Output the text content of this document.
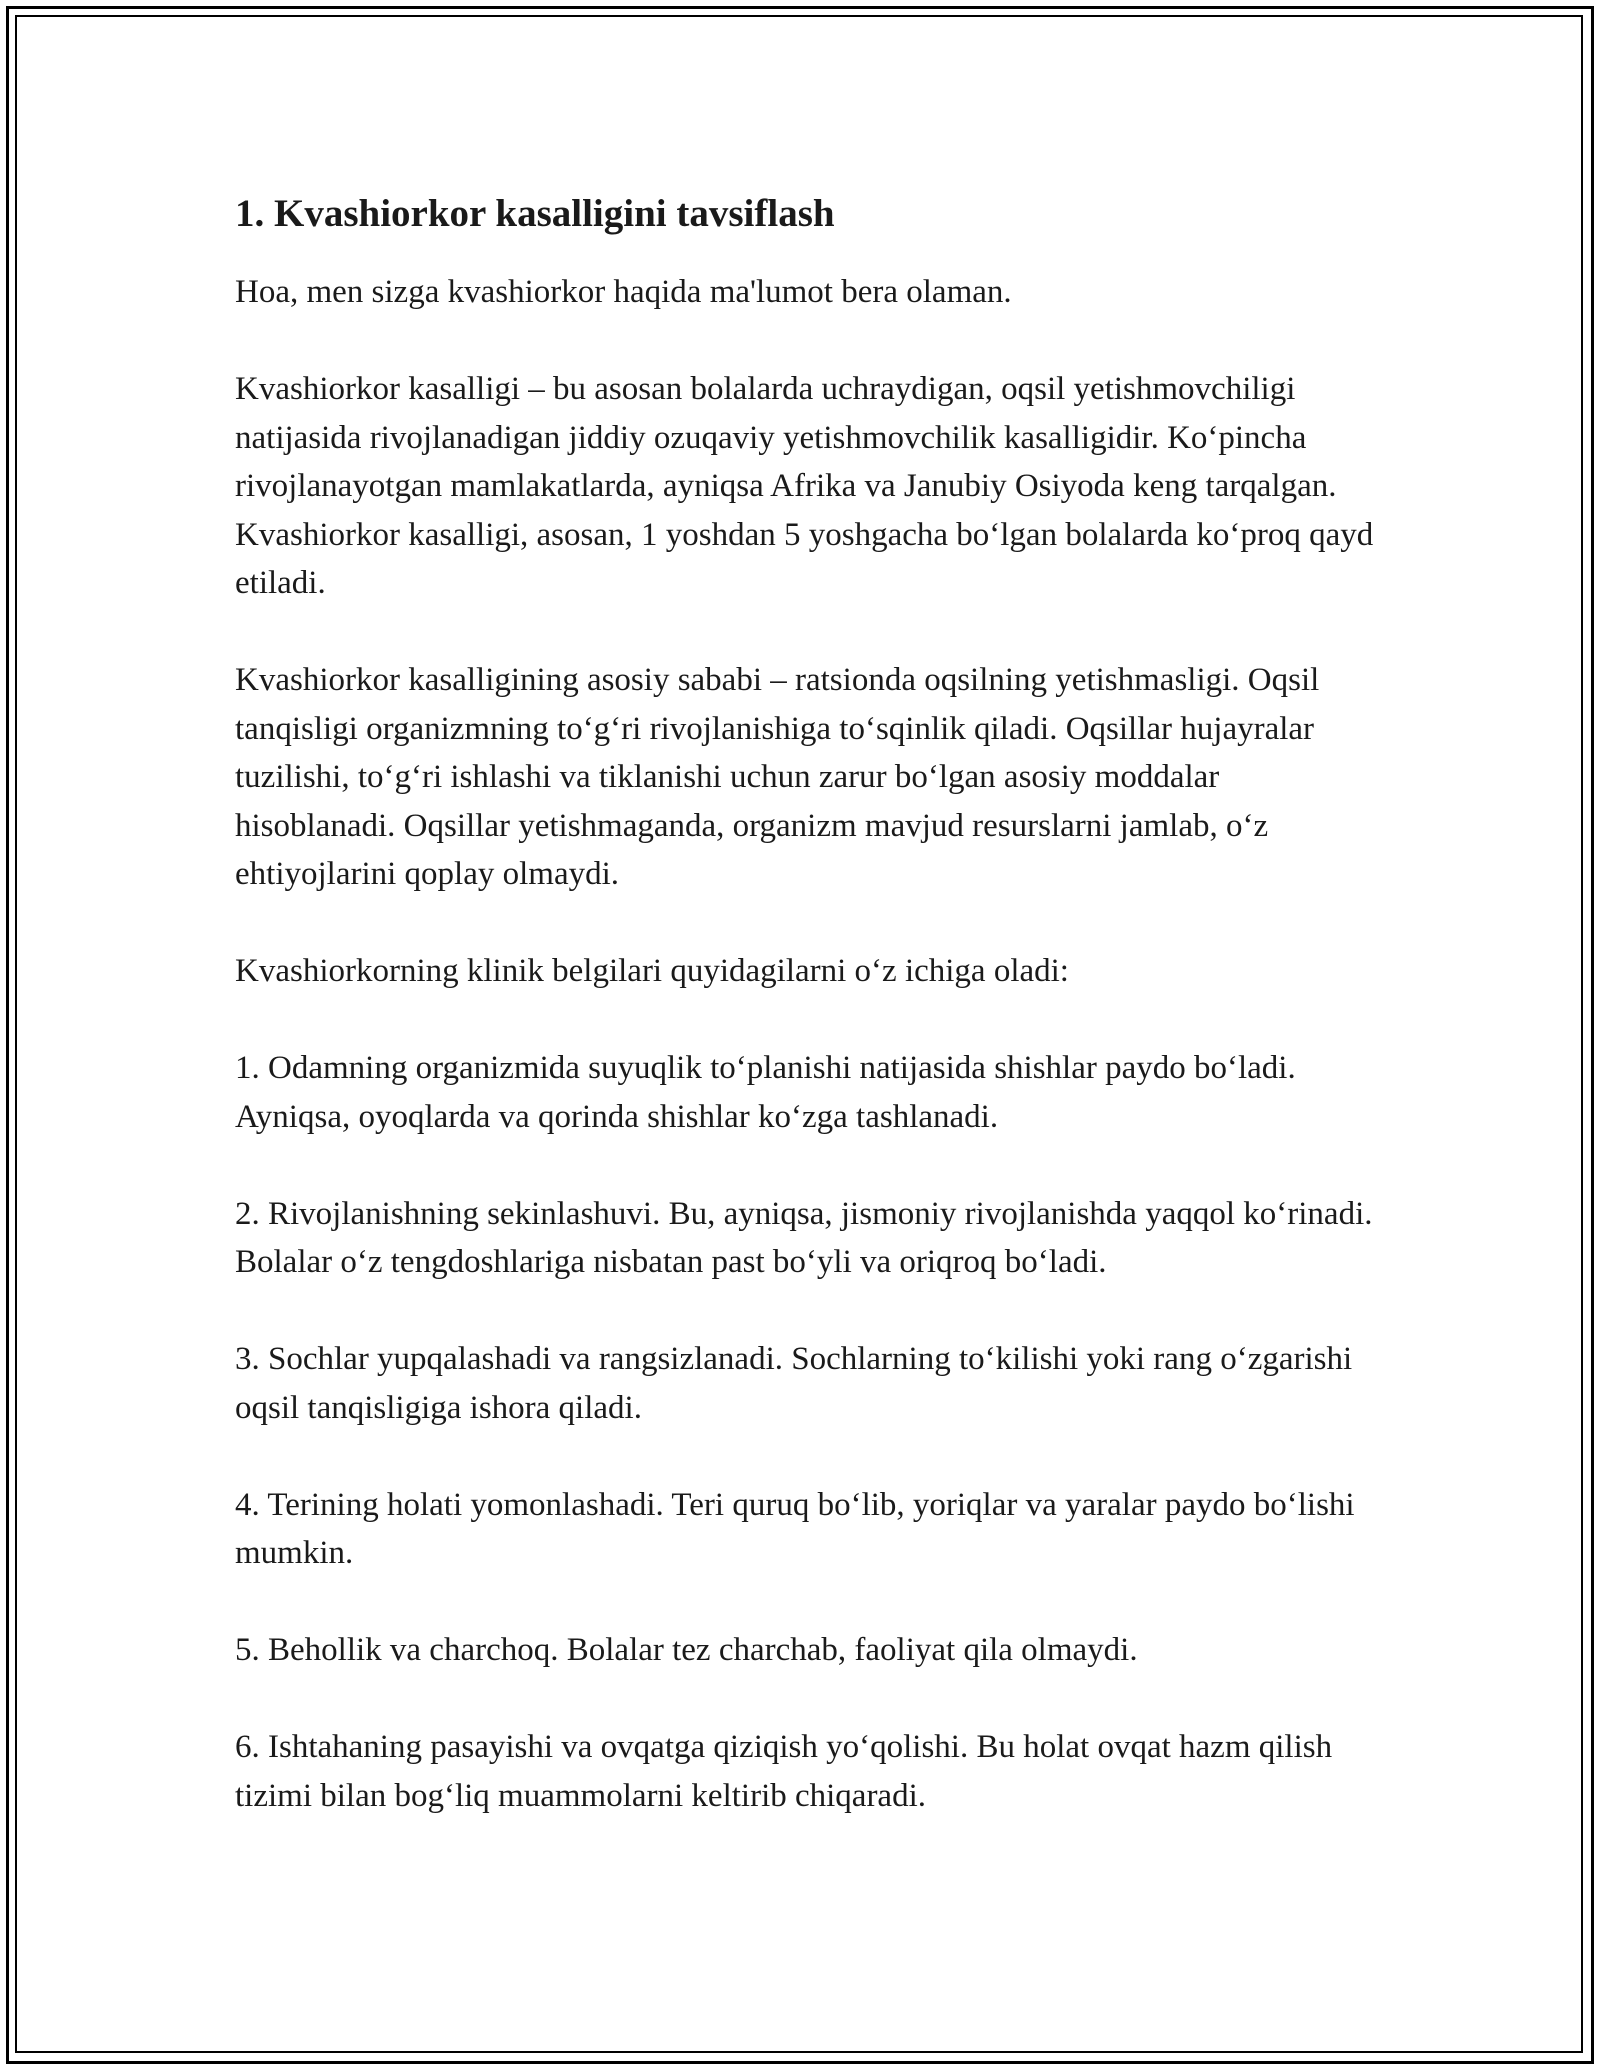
1. Kvashiorkor kasalligini tavsiflash

Hoa, men sizga kvashiorkor haqida ma'lumot bera olaman.

Kvashiorkor kasalligi – bu asosan bolalarda uchraydigan, oqsil yetishmovchiligi natijasida rivojlanadigan jiddiy ozuqaviy yetishmovchilik kasalligidir. Koʻpincha rivojlanayotgan mamlakatlarda, ayniqsa Afrika va Janubiy Osiyoda keng tarqalgan. Kvashiorkor kasalligi, asosan, 1 yoshdan 5 yoshgacha boʻlgan bolalarda koʻproq qayd etiladi.

Kvashiorkor kasalligining asosiy sababi – ratsionda oqsilning yetishmasligi. Oqsil tanqisligi organizmning toʻgʻri rivojlanishiga toʻsqinlik qiladi. Oqsillar hujayralar tuzilishi, toʻgʻri ishlashi va tiklanishi uchun zarur boʻlgan asosiy moddalar hisoblanadi. Oqsillar yetishmaganda, organizm mavjud resurslarni jamlab, oʻz ehtiyojlarini qoplay olmaydi.

Kvashiorkorning klinik belgilari quyidagilarni oʻz ichiga oladi:

1. Odamning organizmida suyuqlik toʻplanishi natijasida shishlar paydo boʻladi. Ayniqsa, oyoqlarda va qorinda shishlar koʻzga tashlanadi.

2. Rivojlanishning sekinlashuvi. Bu, ayniqsa, jismoniy rivojlanishda yaqqol koʻrinadi. Bolalar oʻz tengdoshlariga nisbatan past boʻyli va oriqroq boʻladi.

3. Sochlar yupqalashadi va rangsizlanadi. Sochlarning toʻkilishi yoki rang oʻzgarishi oqsil tanqisligiga ishora qiladi.

4. Terining holati yomonlashadi. Teri quruq boʻlib, yoriqlar va yaralar paydo boʻlishi mumkin.

5. Behollik va charchoq. Bolalar tez charchab, faoliyat qila olmaydi.

6. Ishtahaning pasayishi va ovqatga qiziqish yoʻqolishi. Bu holat ovqat hazm qilish tizimi bilan bogʻliq muammolarni keltirib chiqaradi.
